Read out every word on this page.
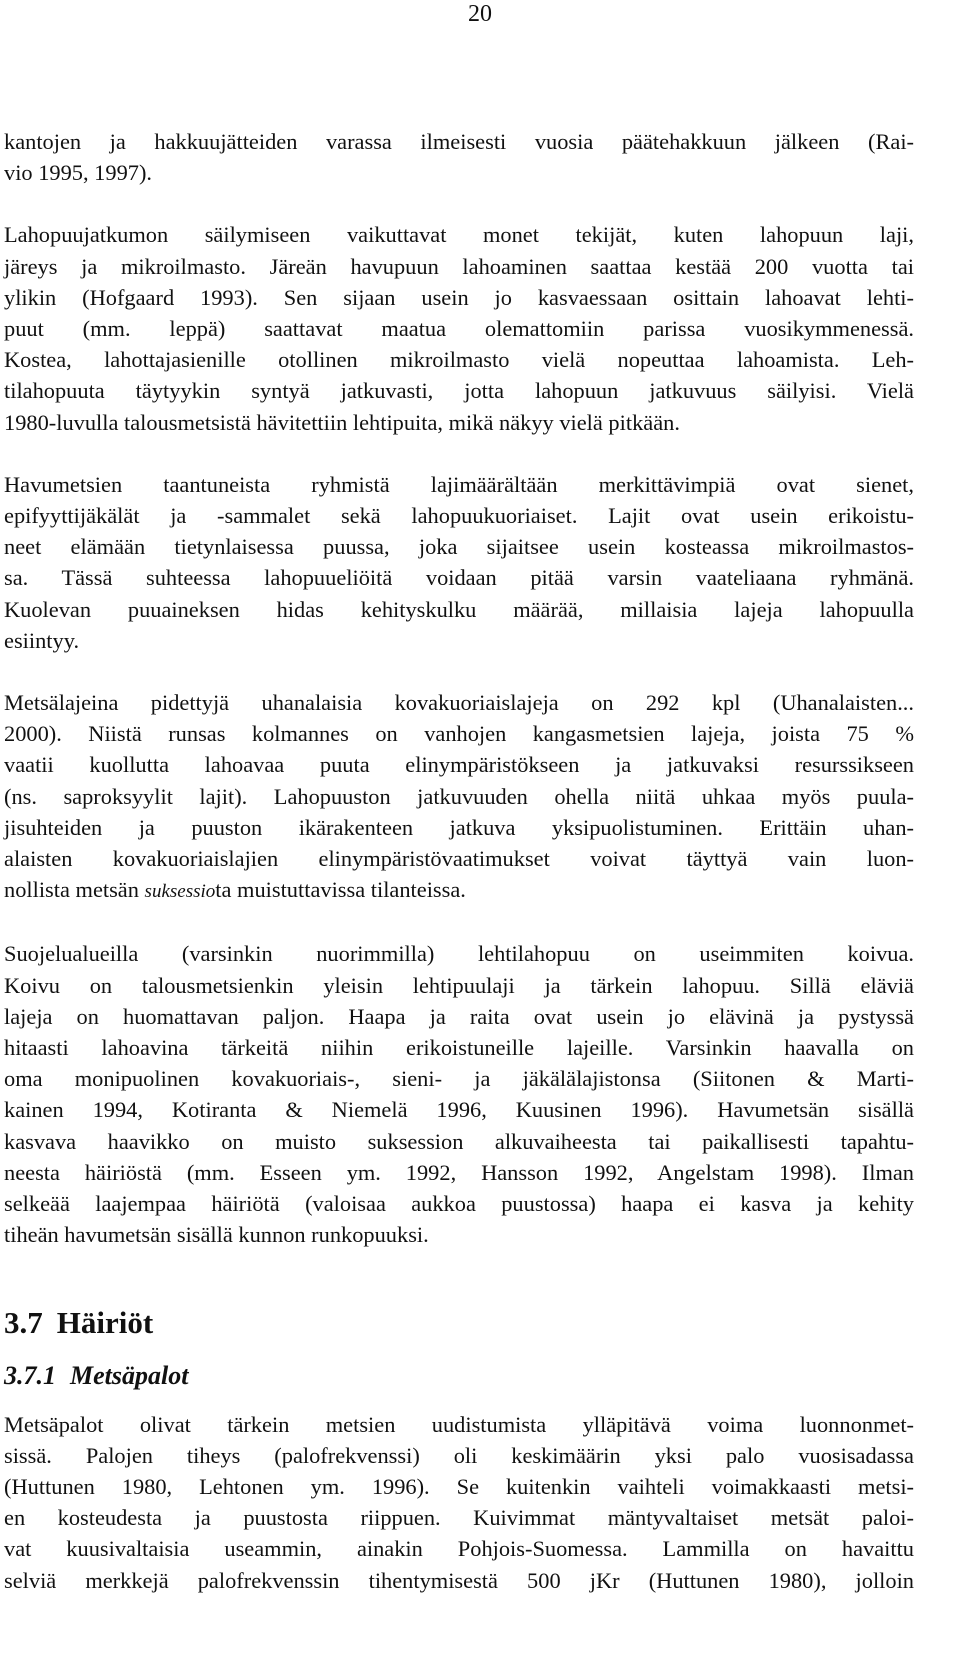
20

kantojen ja hakkuujätteiden varassa ilmeisesti vuosia päätehakkuun jälkeen (Rai-
vio 1995, 1997).

Lahopuujatkumon säilymiseen vaikuttavat monet tekijät, kuten lahopuun laji,
järeys ja mikroilmasto. Järeän havupuun lahoaminen saattaa kestää 200 vuotta tai
ylikin (Hofgaard 1993). Sen sijaan usein jo kasvaessaan osittain lahoavat lehti-
puut (mm. leppä) saattavat maatua olemattomiin parissa vuosikymmenessä.
Kostea, lahottajasienille otollinen mikroilmasto vielä nopeuttaa lahoamista. Leh-
tilahopuuta täytyykin syntyä jatkuvasti, jotta lahopuun jatkuvuus säilyisi. Vielä
1980-luvulla talousmetsistä hävitettiin lehtipuita, mikä näkyy vielä pitkään.

Havumetsien taantuneista ryhmistä lajimäärältään merkittävimpiä ovat sienet,
epifyyttijäkälät ja -sammalet sekä lahopuukuoriaiset. Lajit ovat usein erikoistu-
neet elämään tietynlaisessa puussa, joka sijaitsee usein kosteassa mikroilmastos-
sa. Tässä suhteessa lahopuueliöitä voidaan pitää varsin vaateliaana ryhmänä.
Kuolevan puuaineksen hidas kehityskulku määrää, millaisia lajeja lahopuulla
esiintyy.

Metsälajeina pidettyjä uhanalaisia kovakuoriaislajeja on 292 kpl (Uhanalaisten...
2000). Niistä runsas kolmannes on vanhojen kangasmetsien lajeja, joista 75 %
vaatii kuollutta lahoavaa puuta elinympäristökseen ja jatkuvaksi resurssikseen
(ns. saproksyylit lajit). Lahopuuston jatkuvuuden ohella niitä uhkaa myös puula-
jisuhteiden ja puuston ikärakenteen jatkuva yksipuolistuminen. Erittäin uhan-
alaisten kovakuoriaislajien elinympäristövaatimukset voivat täyttyä vain luon-
nollista metsän suksessiota muistuttavissa tilanteissa.

Suojelualueilla (varsinkin nuorimmilla) lehtilahopuu on useimmiten koivua.
Koivu on talousmetsienkin yleisin lehtipuulaji ja tärkein lahopuu. Sillä eläviä
lajeja on huomattavan paljon. Haapa ja raita ovat usein jo elävinä ja pystyssä
hitaasti lahoavina tärkeitä niihin erikoistuneille lajeille. Varsinkin haavalla on
oma monipuolinen kovakuoriais-, sieni- ja jäkälälajistonsa (Siitonen & Marti-
kainen 1994, Kotiranta & Niemelä 1996, Kuusinen 1996). Havumetsän sisällä
kasvava haavikko on muisto suksession alkuvaiheesta tai paikallisesti tapahtu-
neesta häiriöstä (mm. Esseen ym. 1992, Hansson 1992, Angelstam 1998). Ilman
selkeää laajempaa häiriötä (valoisaa aukkoa puustossa) haapa ei kasva ja kehity
tiheän havumetsän sisällä kunnon runkopuuksi.

3.7 Häiriöt
3.7.1 Metsäpalot

Metsäpalot olivat tärkein metsien uudistumista ylläpitävä voima luonnonmet-
sissä. Palojen tiheys (palofrekvenssi) oli keskimäärin yksi palo vuosisadassa
(Huttunen 1980, Lehtonen ym. 1996). Se kuitenkin vaihteli voimakkaasti metsi-
en kosteudesta ja puustosta riippuen. Kuivimmat mäntyvaltaiset metsät paloi-
vat kuusivaltaisia useammin, ainakin Pohjois-Suomessa. Lammilla on havaittu
selviä merkkejä palofrekvenssin tihentymisestä 500 jKr (Huttunen 1980), jolloin
